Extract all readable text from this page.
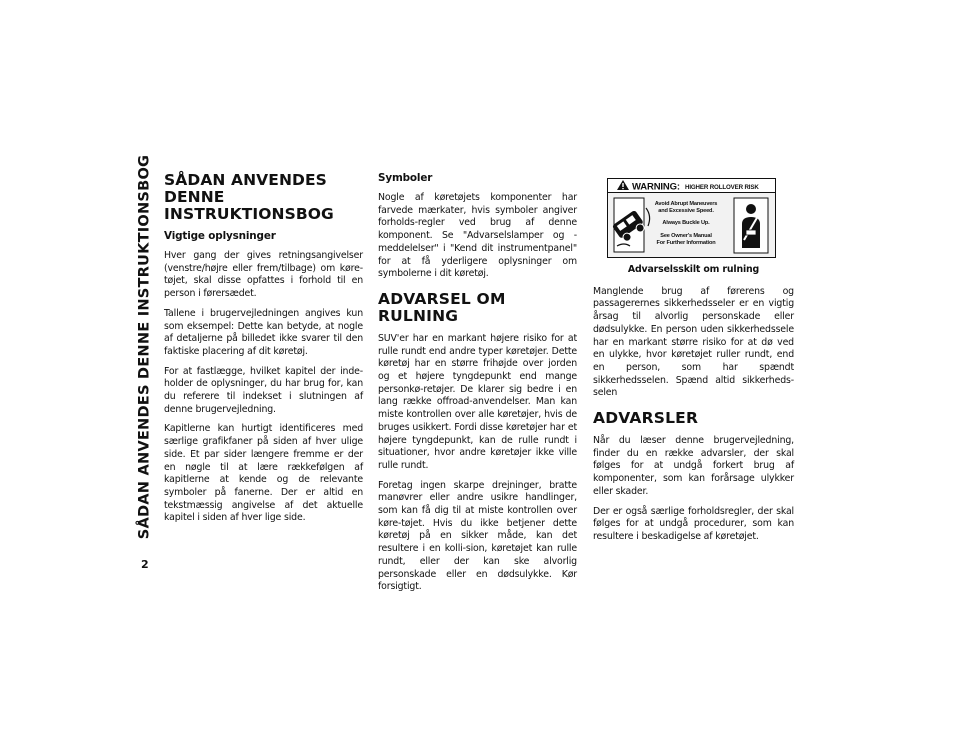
SÅDAN ANVENDES DENNE INSTRUKTIONSBOG
2
SÅDAN ANVENDES DENNE
INSTRUKTIONSBOG
Vigtige oplysninger

Hver gang der gives retningsangivelser (venstre/højre eller frem/tilbage) om køre-tøjet, skal disse opfattes i forhold til en person i førersædet.

Tallene i brugervejledningen angives kun som eksempel: Dette kan betyde, at nogle af detaljerne på billedet ikke svarer til den faktiske placering af dit køretøj.

For at fastlægge, hvilket kapitel der inde-holder de oplysninger, du har brug for, kan du referere til indekset i slutningen af denne brugervejledning.

Kapitlerne kan hurtigt identificeres med særlige grafikfaner på siden af hver ulige side. Et par sider længere fremme er der en nøgle til at lære rækkefølgen af kapitlerne at kende og de relevante symboler på fanerne. Der er altid en tekstmæssig angivelse af det aktuelle kapitel i siden af hver lige side.

Symboler

Nogle af køretøjets komponenter har farvede mærkater, hvis symboler angiver forholds-regler ved brug af denne komponent. Se "Advarselslamper og -meddelelser" i "Kend dit instrumentpanel" for at få yderligere oplysninger om symbolerne i dit køretøj.

ADVARSEL OM RULNING

SUV'er har en markant højere risiko for at rulle rundt end andre typer køretøjer. Dette køretøj har en større frihøjde over jorden og et højere tyngdepunkt end mange personkø-retøjer. De klarer sig bedre i en lang række offroad-anvendelser. Man kan miste kontrollen over alle køretøjer, hvis de bruges usikkert. Fordi disse køretøjer har et højere tyngdepunkt, kan de rulle rundt i situationer, hvor andre køretøjer ikke ville rulle rundt.

Foretag ingen skarpe drejninger, bratte manøvrer eller andre usikre handlinger, som kan få dig til at miste kontrollen over køre-tøjet. Hvis du ikke betjener dette køretøj på en sikker måde, kan det resultere i en kolli-sion, køretøjet kan rulle rundt, eller der kan ske alvorlig personskade eller en dødsulykke. Kør forsigtigt.

WARNING: HIGHER ROLLOVER RISK
Avoid Abrupt Maneuvers
and Excessive Speed.
Always Buckle Up.
See Owner's Manual
For Further Information
Advarselsskilt om rulning

Manglende brug af førerens og passagerernes sikkerhedsseler er en vigtig årsag til alvorlig personskade eller dødsulykke. En person uden sikkerhedssele har en markant større risiko for at dø ved en ulykke, hvor køretøjet ruller rundt, end en person, som har spændt sikkerhedsselen. Spænd altid sikkerheds-selen

ADVARSLER

Når du læser denne brugervejledning, finder du en række advarsler, der skal følges for at undgå forkert brug af komponenter, som kan forårsage ulykker eller skader.

Der er også særlige forholdsregler, der skal følges for at undgå procedurer, som kan resultere i beskadigelse af køretøjet.
